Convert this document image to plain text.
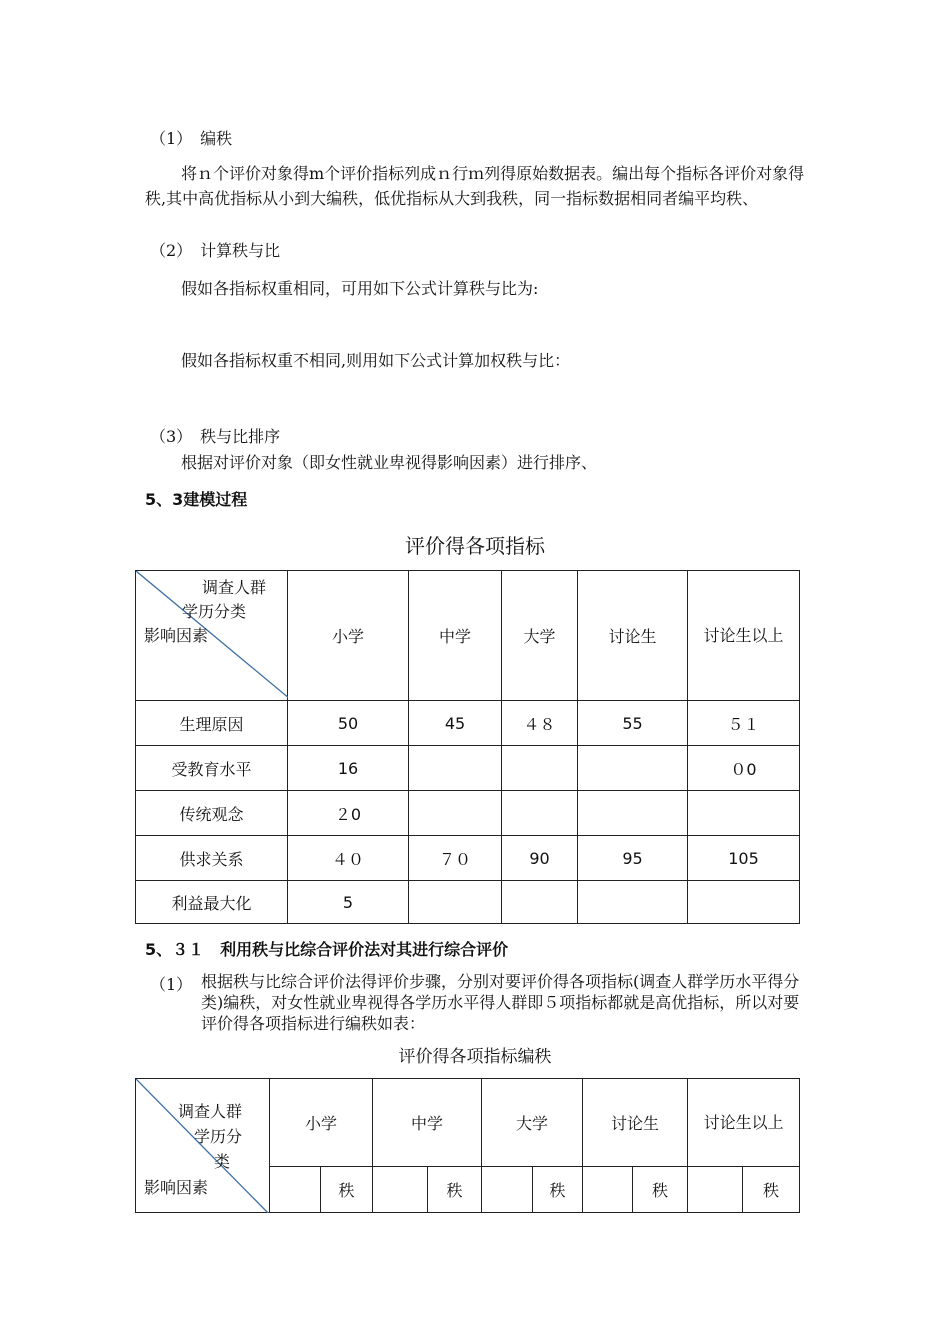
（1）　编秩
将ｎ个评价对象得m个评价指标列成ｎ行ｍ列得原始数据表。编出每个指标各评价对象得秩,其中高优指标从小到大编秩，低优指标从大到我秩，同一指标数据相同者编平均秩、
（2）　计算秩与比
假如各指标权重相同，可用如下公式计算秩与比为:
假如各指标权重不相同,则用如下公式计算加权秩与比：
（3）　秩与比排序
根据对评价对象（即女性就业卑视得影响因素）进行排序、
5、3建模过程
评价得各项指标
调查人群
学历分类
影响因素	小学	中学	大学	讨论生	讨论生以上

生理原因	50	45	４８	55	５１
受教育水平	16				０0
传统观念	２0				
供求关系	４０	７０	90	95	105
利益最大化	5				
5、３１　利用秩与比综合评价法对其进行综合评价
（1） 根据秩与比综合评价法得评价步骤，分别对要评价得各项指标(调查人群学历水平得分类)编秩，对女性就业卑视得各学历水平得人群即５项指标都就是高优指标，所以对要评价得各项指标进行编秩如表：
评价得各项指标编秩
调查人群
学历分
类
影响因素	小学		中学		大学		讨论生		讨论生以上	

		秩		秩		秩		秩		秩
